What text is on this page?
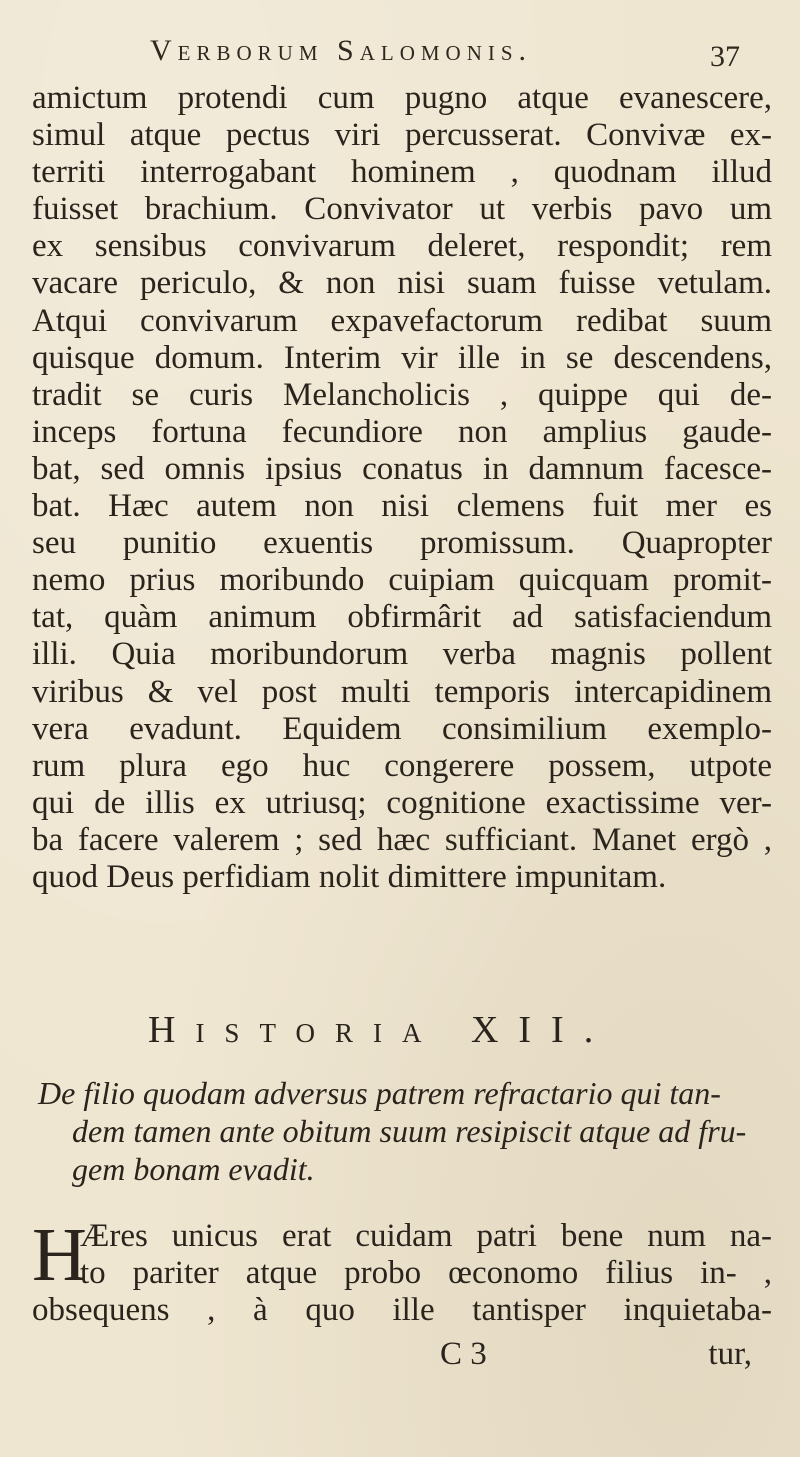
Verborum Salomonis.	37
amictum protendi cum pugno atque evanescere,
simul atque pectus viri percusserat. Convivæ ex-
territi interrogabant hominem , quodnam illud
fuisset brachium. Convivator ut verbis pavo um
ex sensibus convivarum deleret, respondit; rem
vacare periculo, & non nisi suam fuisse vetulam.
Atqui convivarum expavefactorum redibat suum
quisque domum. Interim vir ille in se descendens,
tradit se curis Melancholicis , quippe qui de-
inceps fortuna fecundiore non amplius gaude-
bat, sed omnis ipsius conatus in damnum facesce-
bat. Hæc autem non nisi clemens fuit mer es
seu punitio exuentis promissum. Quapropter
nemo prius moribundo cuipiam quicquam promit-
tat, quàm animum obfirmârit ad satisfaciendum
illi. Quia moribundorum verba magnis pollent
viribus & vel post multi temporis intercapidinem
vera evadunt. Equidem consimilium exemplo-
rum plura ego huc congerere possem, utpote
qui de illis ex utriusq; cognitione exactissime ver-
ba facere valerem ; sed hæc sufficiant. Manet ergò ,
quod Deus perfidiam nolit dimittere impunitam.
Historia XII.
De filio quodam adversus patrem refractario qui tan-
dem tamen ante obitum suum resipiscit atque ad fru-
gem bonam evadit.
H
Æres unicus erat cuidam patri bene num na-
to pariter atque probo œconomo filius in- ,
obsequens , à quo ille tantisper inquietaba-
C 3	tur,
